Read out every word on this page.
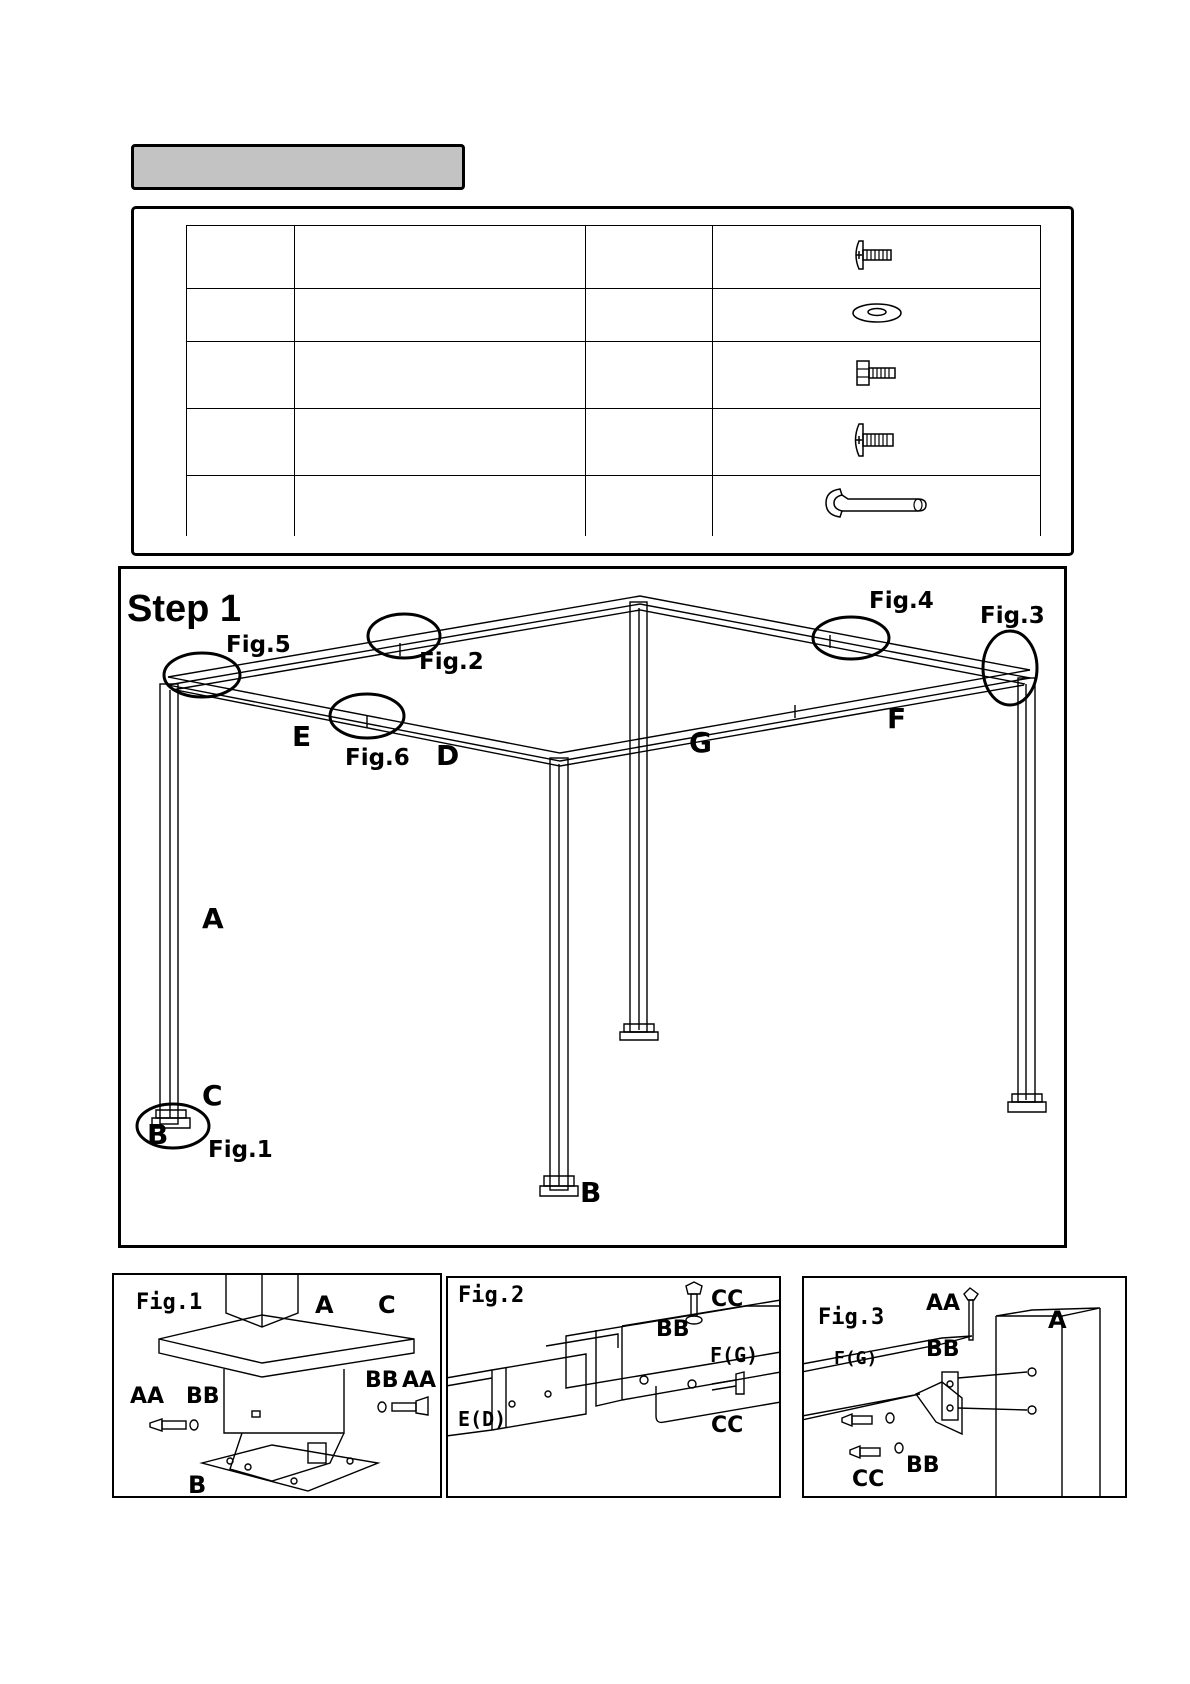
Step 1
Fig.1
Fig.2
Fig.3
Fig.4
Fig.5
Fig.6
A
B
B
C
D
E
F
G
Fig.1	A C
AA BB
BB AA
B
Fig.2	CC
BB
F(G)
E(D)	CC
Fig.3
AA
A
BB
F(G)
CC
BB
